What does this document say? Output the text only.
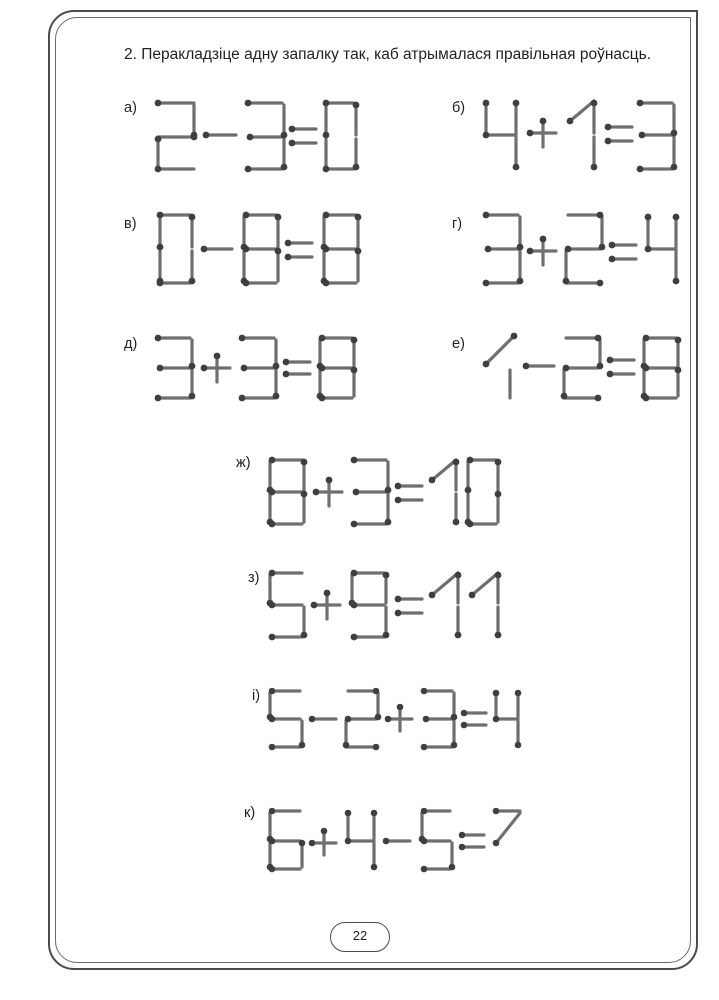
2. Перакладзіце адну запалку так, каб атрымалася правільная роўнасць.
а)	б)
в)	г)
д)	е)
ж)
з)
і)
к)
22
